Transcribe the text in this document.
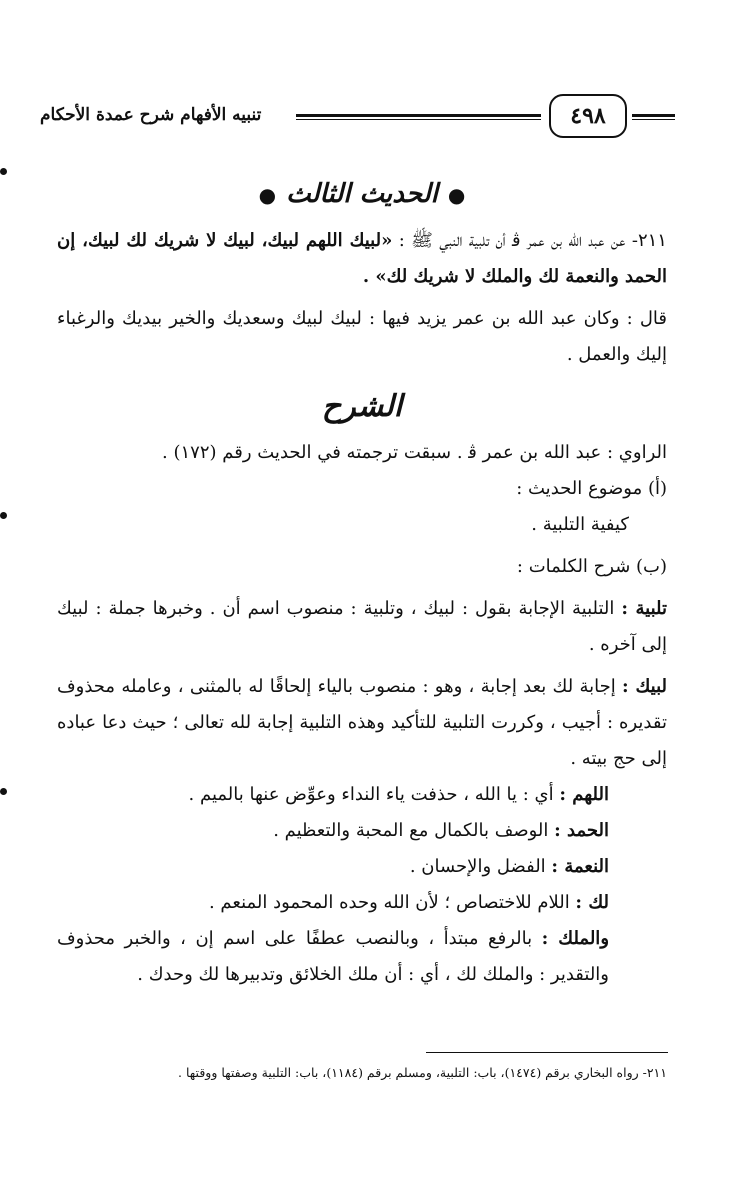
تنبيه الأفهام شرح عمدة الأحكام	٤٩٨

●الحديث الثالث●

٢١١- عن عبد الله بن عمر ﭬ أن تلبية النبي ﷺ : «لبيك اللهم لبيك، لبيك لا شريك لك لبيك، إن الحمد والنعمة لك والملك لا شريك لك» .

قال : وكان عبد الله بن عمر يزيد فيها : لبيك لبيك وسعديك والخير بيديك والرغباء إليك والعمل .

الشرح

الراوي : عبد الله بن عمر ﭬ . سبقت ترجمته في الحديث رقم (١٧٢) .

(أ) موضوع الحديث :

كيفية التلبية .

(ب) شرح الكلمات :

تلبية : التلبية الإجابة بقول : لبيك ، وتلبية : منصوب اسم أن . وخبرها جملة : لبيك إلى آخره .

لبيك : إجابة لك بعد إجابة ، وهو : منصوب بالياء إلحاقًا له بالمثنى ، وعامله محذوف تقديره : أجيب ، وكررت التلبية للتأكيد وهذه التلبية إجابة لله تعالى ؛ حيث دعا عباده إلى حج بيته .

اللهم : أي : يا الله ، حذفت ياء النداء وعوِّض عنها بالميم .

الحمد : الوصف بالكمال مع المحبة والتعظيم .

النعمة : الفضل والإحسان .

لك : اللام للاختصاص ؛ لأن الله وحده المحمود المنعم .

والملك : بالرفع مبتدأ ، وبالنصب عطفًا على اسم إن ، والخبر محذوف والتقدير : والملك لك ، أي : أن ملك الخلائق وتدبيرها لك وحدك .

٢١١- رواه البخاري برقم (١٤٧٤)، باب: التلبية، ومسلم برقم (١١٨٤)، باب: التلبية وصفتها ووقتها .
